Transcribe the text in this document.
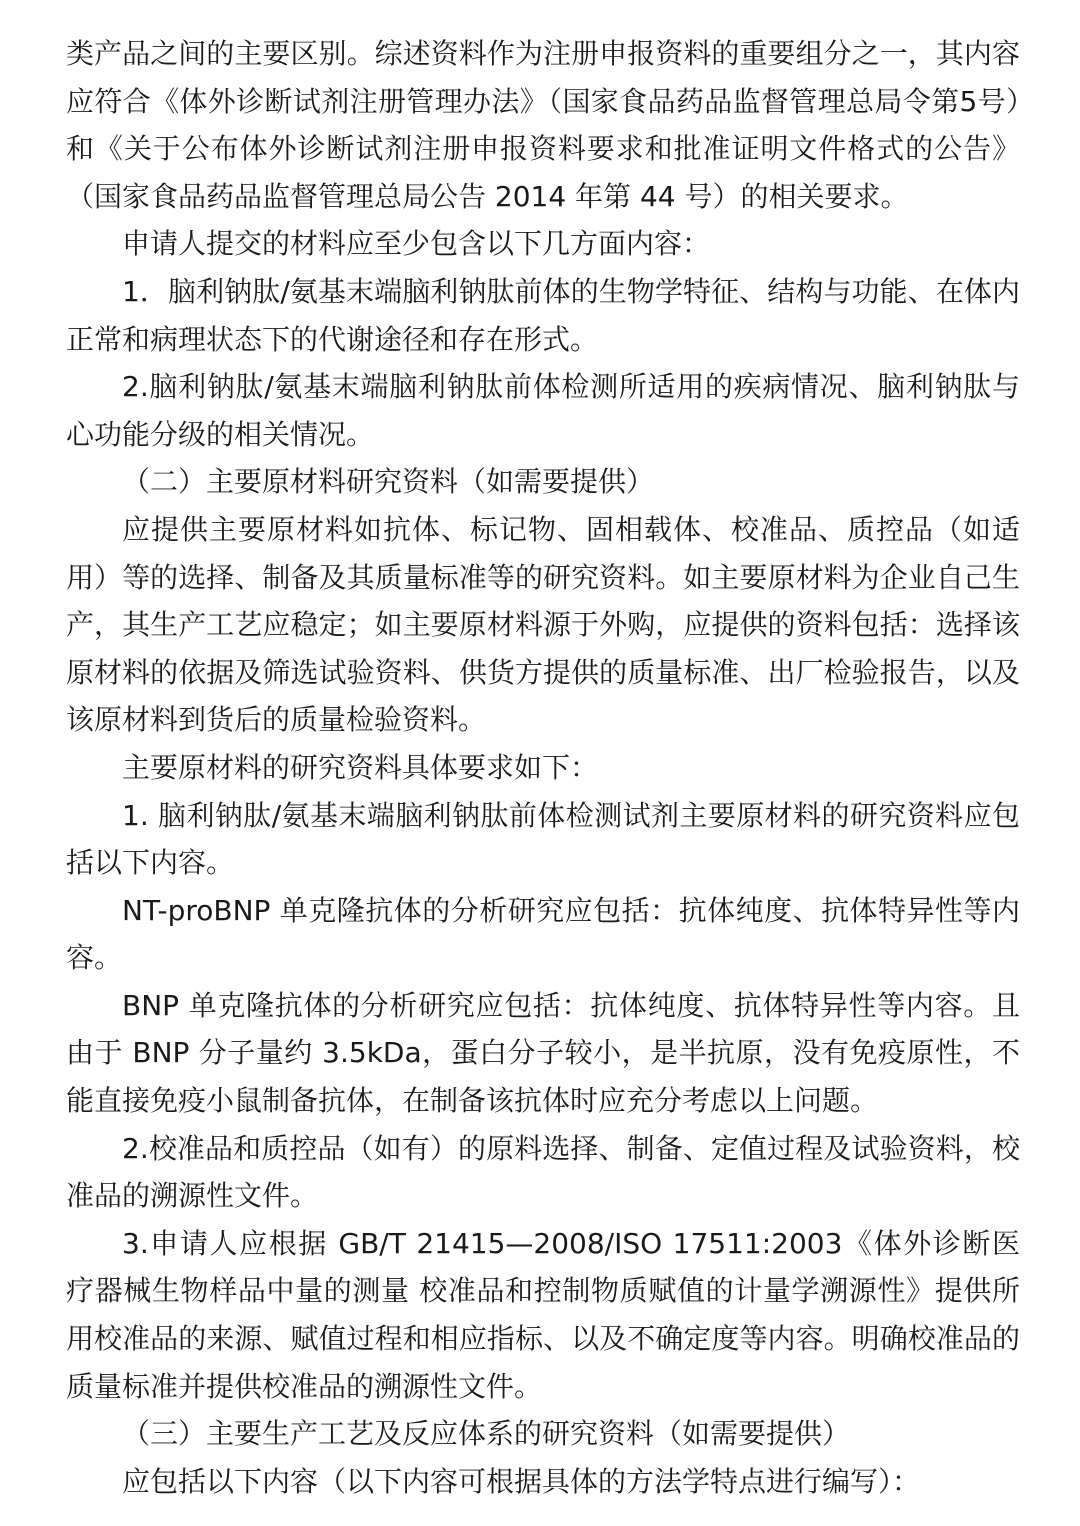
类产品之间的主要区别。综述资料作为注册申报资料的重要组分之一，其内容应符合《体外诊断试剂注册管理办法》（国家食品药品监督管理总局令第5号）和《关于公布体外诊断试剂注册申报资料要求和批准证明文件格式的公告》（国家食品药品监督管理总局公告 2014 年第 44 号）的相关要求。

申请人提交的材料应至少包含以下几方面内容：

1．脑利钠肽/氨基末端脑利钠肽前体的生物学特征、结构与功能、在体内正常和病理状态下的代谢途径和存在形式。

2.脑利钠肽/氨基末端脑利钠肽前体检测所适用的疾病情况、脑利钠肽与心功能分级的相关情况。

（二）主要原材料研究资料（如需要提供）

应提供主要原材料如抗体、标记物、固相载体、校准品、质控品（如适用）等的选择、制备及其质量标准等的研究资料。如主要原材料为企业自己生产，其生产工艺应稳定；如主要原材料源于外购，应提供的资料包括：选择该原材料的依据及筛选试验资料、供货方提供的质量标准、出厂检验报告，以及该原材料到货后的质量检验资料。

主要原材料的研究资料具体要求如下：

1. 脑利钠肽/氨基末端脑利钠肽前体检测试剂主要原材料的研究资料应包括以下内容。

NT-proBNP 单克隆抗体的分析研究应包括：抗体纯度、抗体特异性等内容。

BNP 单克隆抗体的分析研究应包括：抗体纯度、抗体特异性等内容。且由于 BNP 分子量约 3.5kDa，蛋白分子较小，是半抗原，没有免疫原性，不能直接免疫小鼠制备抗体，在制备该抗体时应充分考虑以上问题。

2.校准品和质控品（如有）的原料选择、制备、定值过程及试验资料，校准品的溯源性文件。

3.申请人应根据 GB/T 21415—2008/ISO 17511:2003《体外诊断医疗器械生物样品中量的测量 校准品和控制物质赋值的计量学溯源性》提供所用校准品的来源、赋值过程和相应指标、以及不确定度等内容。明确校准品的质量标准并提供校准品的溯源性文件。

（三）主要生产工艺及反应体系的研究资料（如需要提供）

应包括以下内容（以下内容可根据具体的方法学特点进行编写）：
